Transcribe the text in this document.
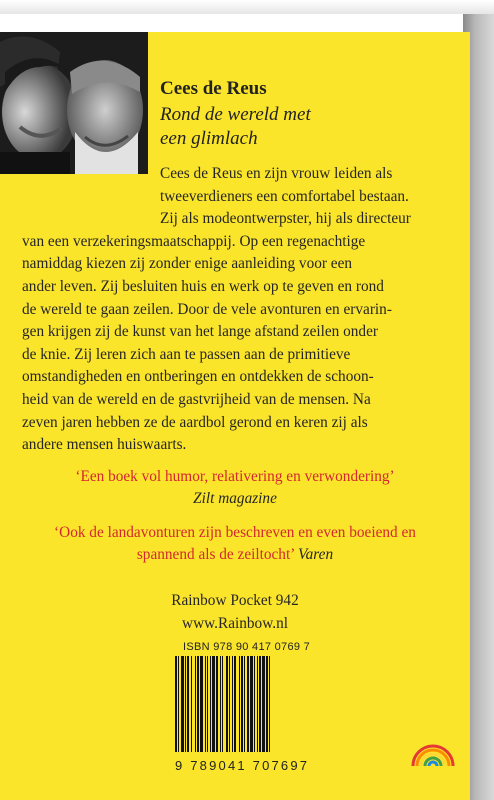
Cees de Reus
Rond de wereld met
een glimlach
Cees de Reus en zijn vrouw leiden als
tweeverdieners een comfortabel bestaan.
Zij als modeontwerpster, hij als directeur
van een verzekeringsmaatschappij. Op een regenachtige
namiddag kiezen zij zonder enige aanleiding voor een
ander leven. Zij besluiten huis en werk op te geven en rond
de wereld te gaan zeilen. Door de vele avonturen en ervarin-
gen krijgen zij de kunst van het lange afstand zeilen onder
de knie. Zij leren zich aan te passen aan de primitieve
omstandigheden en ontberingen en ontdekken de schoon-
heid van de wereld en de gastvrijheid van de mensen. Na
zeven jaren hebben ze de aardbol gerond en keren zij als
andere mensen huiswaarts.
‘Een boek vol humor, relativering en verwondering’
Zilt magazine
‘Ook de landavonturen zijn beschreven en even boeiend en
spannend als de zeiltocht’ Varen
Rainbow Pocket 942
www.Rainbow.nl
ISBN 978 90 417 0769 7
9 789041 707697
